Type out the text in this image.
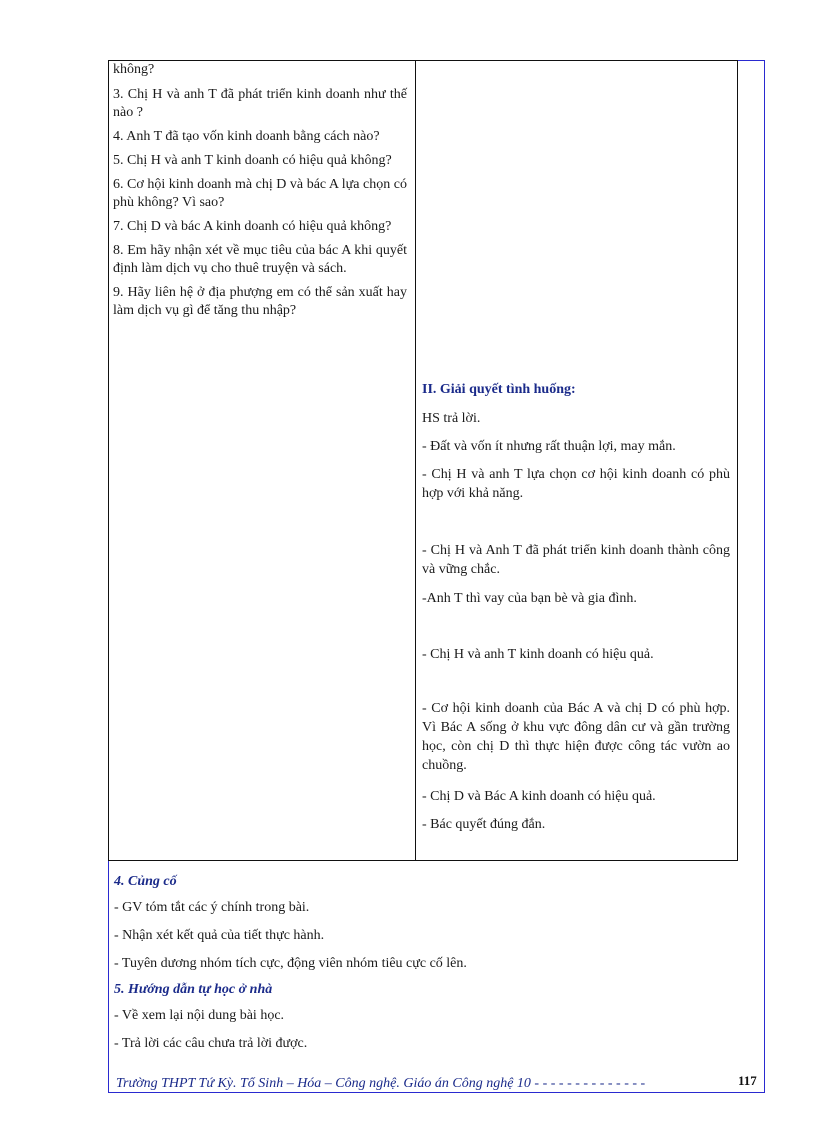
không?

3. Chị H và anh T đã phát triển kinh doanh như thế nào ?

4. Anh T đã tạo vốn kinh doanh bằng cách nào?

5. Chị H và anh T kinh doanh có hiệu quả không?

6. Cơ hội kinh doanh mà chị D và bác A lựa chọn có phù không? Vì sao?

7. Chị D và bác A kinh doanh có hiệu quả không?

8. Em hãy nhận xét về mục tiêu của bác A khi quyết định làm dịch vụ cho thuê truyện và sách.

9. Hãy liên hệ ở địa phượng em có thể sản xuất hay làm dịch vụ gì để tăng thu nhập?

II. Giải quyết tình huống:

HS trả lời.

- Đất và vốn ít nhưng rất thuận lợi, may mắn.

- Chị H và anh T lựa chọn cơ hội kinh doanh có phù hợp với khả năng.

- Chị H và Anh T đã phát triển kinh doanh thành công và vững chắc.

-Anh T thì vay của bạn bè và gia đình.

- Chị H và anh T kinh doanh có hiệu quả.

- Cơ hội kinh doanh của Bác A và chị D có phù hợp. Vì Bác A sống ở khu vực đông dân cư và gần trường học, còn chị D thì thực hiện được công tác vườn ao chuồng.

- Chị D và Bác A kinh doanh có hiệu quả.

- Bác quyết đúng đắn.

4. Củng cố

- GV tóm tắt các ý chính trong bài.

- Nhận xét kết quả của tiết thực hành.

- Tuyên dương nhóm tích cực, động viên nhóm tiêu cực cố lên.

5. Hướng dẫn tự học ở nhà

- Về xem lại nội dung bài học.

- Trả lời các câu chưa trả lời được.

Trường THPT Tứ Kỳ. Tổ Sinh – Hóa – Công nghệ. Giáo án Công nghệ 10 - - - - - - - - - - - - - -	117
